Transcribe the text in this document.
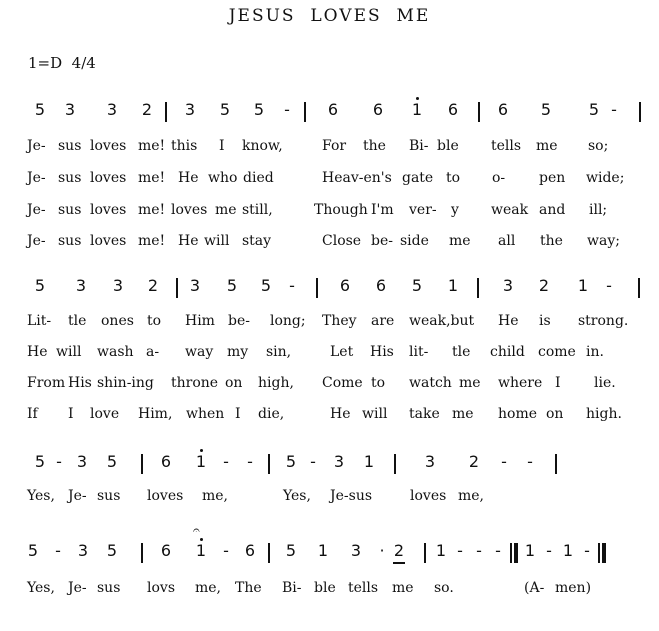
JESUS  LOVES  ME
1=D  4/4
5 3 3 2 3 5 5 - 6 6 1 6 6 5 5 -
Je- sus loves me! this I know,	For the Bi- ble tells me so;
Je- sus loves me! He who died	Heav-en's gate to o- pen wide;
Je- sus loves me! loves me still,	Though I'm ver- y weak and ill;
Je- sus loves me! He will stay	Close be- side me all the way;
5 3 3 2 3 5 5 -	6 6 5 1	3 2 1 -
Lit- tle ones to Him be- long; They are weak,but He is strong.
He will wash a- way my sin,	Let His lit- tle child come in.
From His shin-ing throne on high, Come to watch me where I lie.
If I love Him, when I die,	He will take me home on high.
5 - 3 5	6 1 - - 5 - 3 1	3 2 - -
Yes, Je- sus loves me,	Yes, Je-sus	loves me,
5 - 3 5	6
𝄐
1 - 6 5 1 3 · 2 1 - - - 1 - 1 -
Yes, Je- sus lovs me, The Bi- ble tells me so.	(A- men)
